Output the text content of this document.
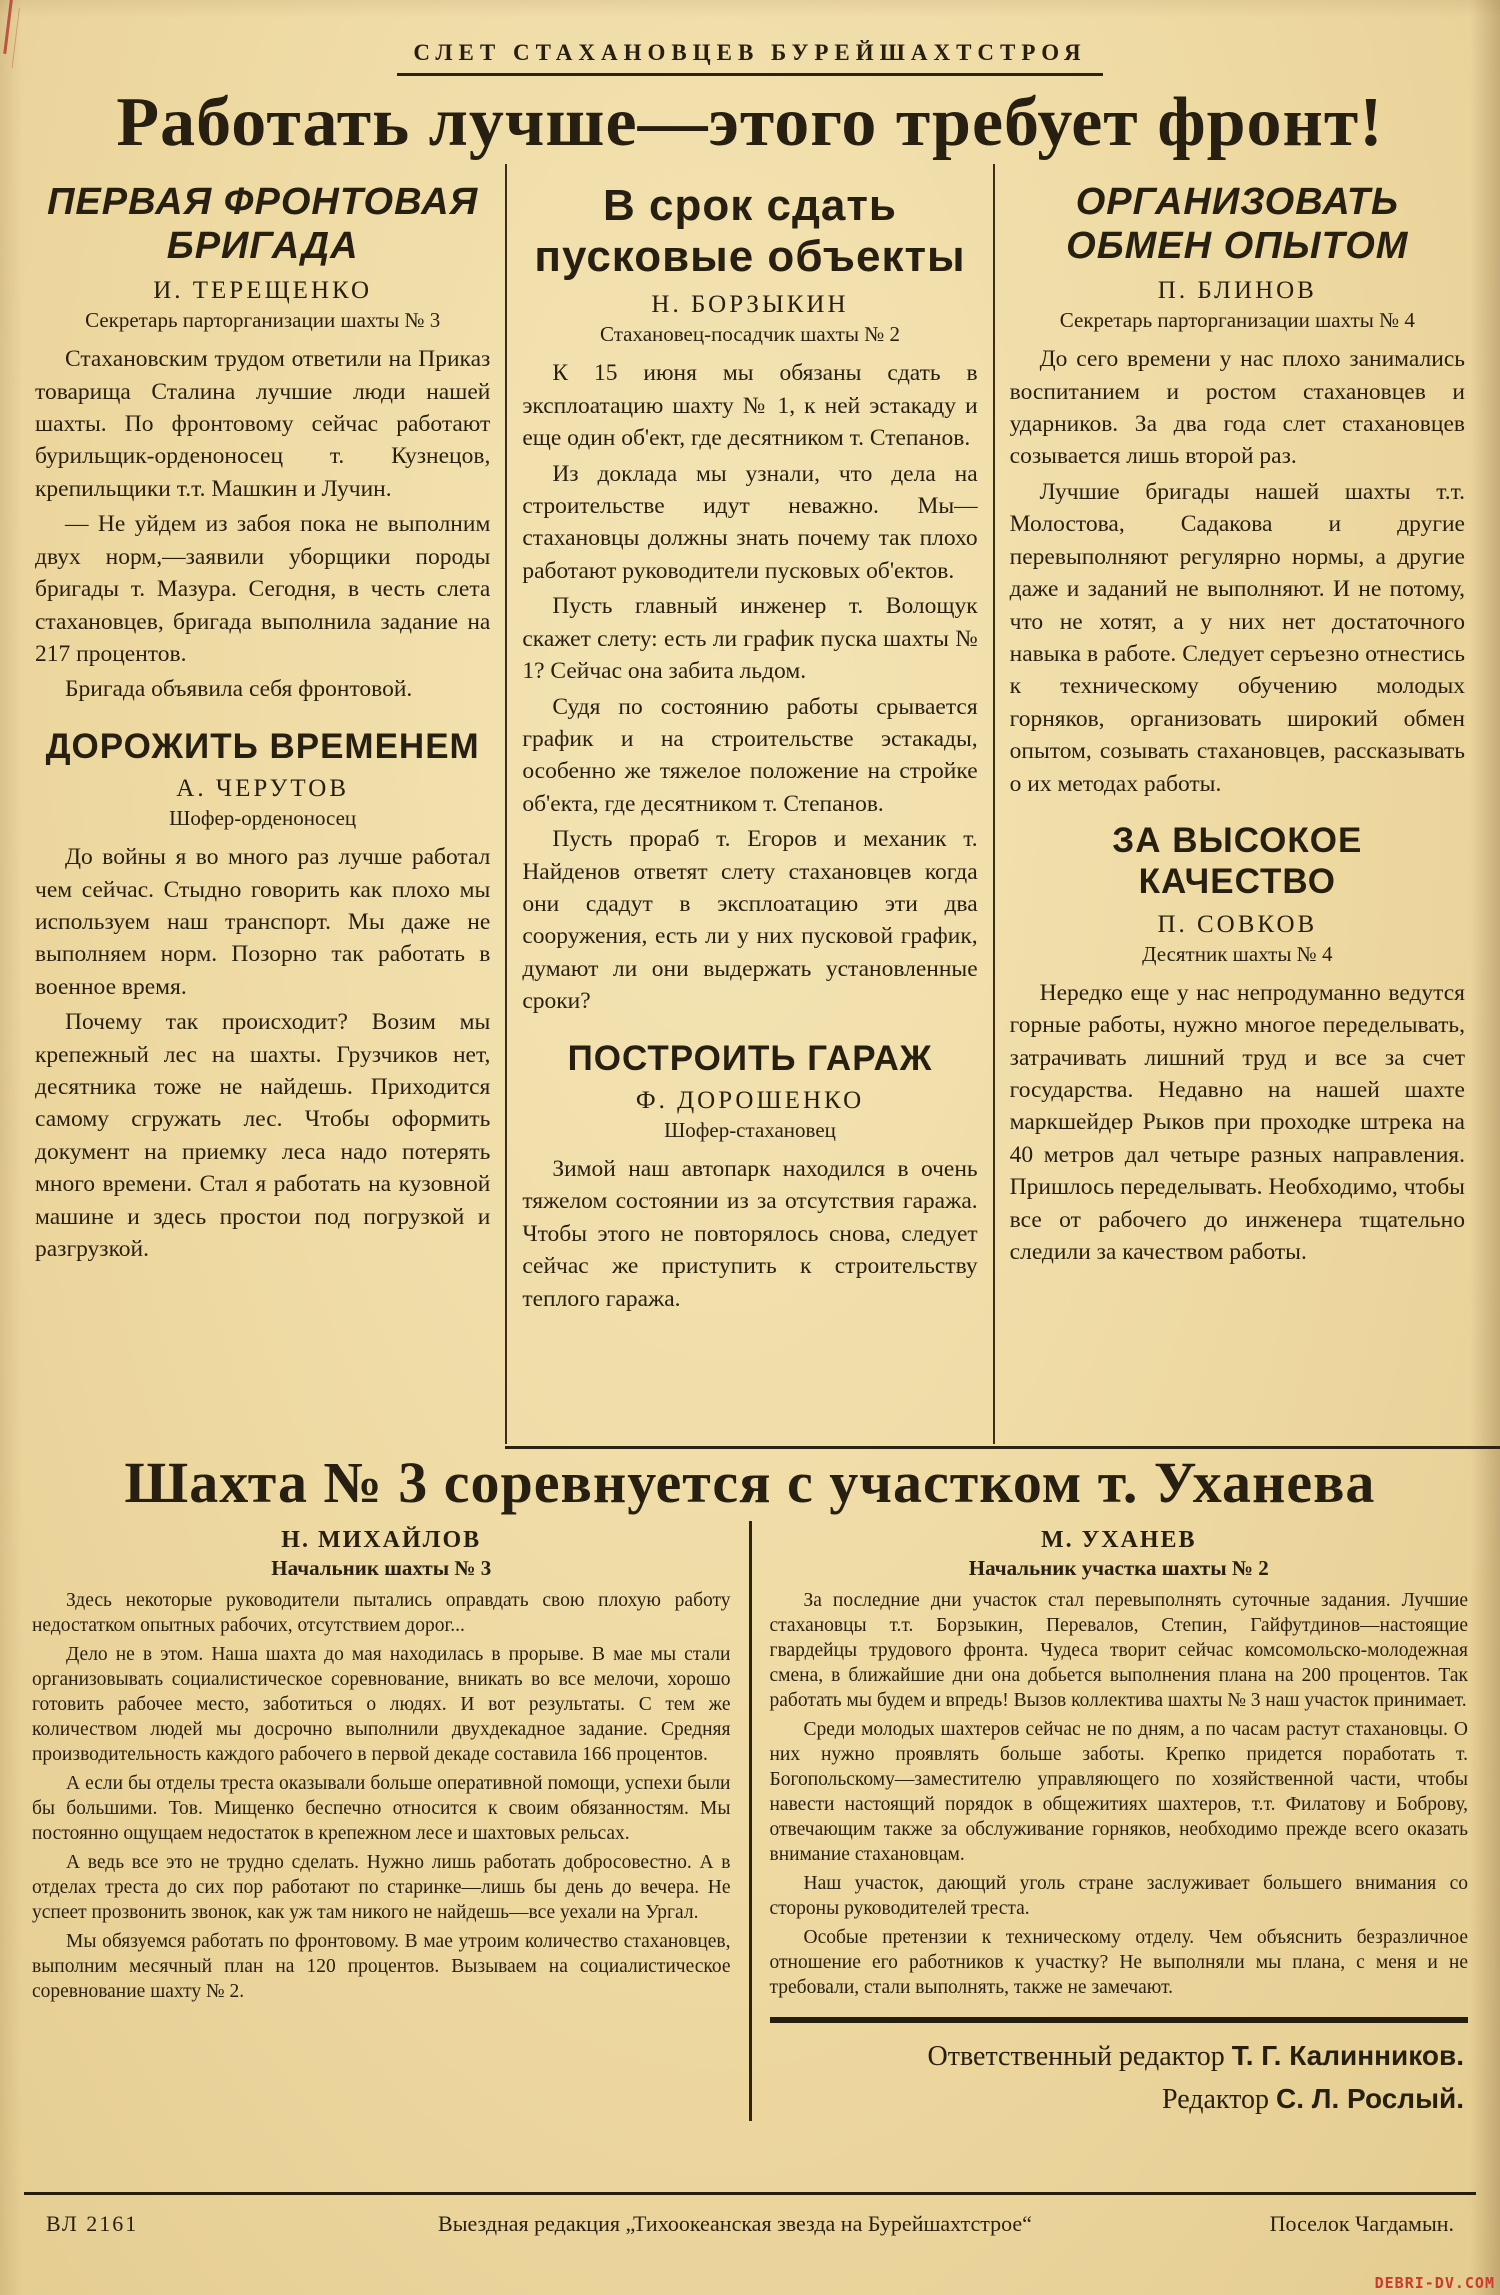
СЛЕТ СТАХАНОВЦЕВ БУРЕЙШАХТСТРОЯ
Работать лучше—этого требует фронт!
ПЕРВАЯ ФРОНТОВАЯ БРИГАДА
И. ТЕРЕЩЕНКО
Секретарь парторганизации шахты № 3

Стахановским трудом ответили на Приказ товарища Сталина лучшие люди нашей шахты. По фронтовому сейчас работают бурильщик-орденоносец т. Кузнецов, крепильщики т.т. Машкин и Лучин.

— Не уйдем из забоя пока не выполним двух норм,—заявили уборщики породы бригады т. Мазура. Сегодня, в честь слета стахановцев, бригада выполнила задание на 217 процентов.

Бригада объявила себя фронтовой.

ДОРОЖИТЬ ВРЕМЕНЕМ
А. ЧЕРУТОВ
Шофер-орденоносец

До войны я во много раз лучше работал чем сейчас. Стыдно говорить как плохо мы используем наш транспорт. Мы даже не выполняем норм. Позорно так работать в военное время.

Почему так происходит? Возим мы крепежный лес на шахты. Грузчиков нет, десятника тоже не найдешь. Приходится самому сгружать лес. Чтобы оформить документ на приемку леса надо потерять много времени. Стал я работать на кузовной машине и здесь простои под погрузкой и разгрузкой.

В срок сдать пусковые объекты
Н. БОРЗЫКИН
Стахановец-посадчик шахты № 2

К 15 июня мы обязаны сдать в эксплоатацию шахту № 1, к ней эстакаду и еще один об'ект, где десятником т. Степанов.

Из доклада мы узнали, что дела на строительстве идут неважно. Мы—стахановцы должны знать почему так плохо работают руководители пусковых об'ектов.

Пусть главный инженер т. Волощук скажет слету: есть ли график пуска шахты № 1? Сейчас она забита льдом.

Судя по состоянию работы срывается график и на строительстве эстакады, особенно же тяжелое положение на стройке об'екта, где десятником т. Степанов.

Пусть прораб т. Егоров и механик т. Найденов ответят слету стахановцев когда они сдадут в эксплоатацию эти два сооружения, есть ли у них пусковой график, думают ли они выдержать установленные сроки?

ПОСТРОИТЬ ГАРАЖ
Ф. ДОРОШЕНКО
Шофер-стахановец

Зимой наш автопарк находился в очень тяжелом состоянии из за отсутствия гаража. Чтобы этого не повторялось снова, следует сейчас же приступить к строительству теплого гаража.

ОРГАНИЗОВАТЬ ОБМЕН ОПЫТОМ
П. БЛИНОВ
Секретарь парторганизации шахты № 4

До сего времени у нас плохо занимались воспитанием и ростом стахановцев и ударников. За два года слет стахановцев созывается лишь второй раз.

Лучшие бригады нашей шахты т.т. Молостова, Садакова и другие перевыполняют регулярно нормы, а другие даже и заданий не выполняют. И не потому, что не хотят, а у них нет достаточного навыка в работе. Следует серъезно отнестись к техническому обучению молодых горняков, организовать широкий обмен опытом, созывать стахановцев, рассказывать о их методах работы.

ЗА ВЫСОКОЕ КАЧЕСТВО
П. СОВКОВ
Десятник шахты № 4

Нередко еще у нас непродуманно ведутся горные работы, нужно многое переделывать, затрачивать лишний труд и все за счет государства. Недавно на нашей шахте маркшейдер Рыков при проходке штрека на 40 метров дал четыре разных направления. Пришлось переделывать. Необходимо, чтобы все от рабочего до инженера тщательно следили за качеством работы.

Шахта № 3 соревнуется с участком т. Уханева
Н. МИХАЙЛОВ
Начальник шахты № 3

Здесь некоторые руководители пытались оправдать свою плохую работу недостатком опытных рабочих, отсутствием дорог...

Дело не в этом. Наша шахта до мая находилась в прорыве. В мае мы стали организовывать социалистическое соревнование, вникать во все мелочи, хорошо готовить рабочее место, заботиться о людях. И вот результаты. С тем же количеством людей мы досрочно выполнили двухдекадное задание. Средняя производительность каждого рабочего в первой декаде составила 166 процентов.

А если бы отделы треста оказывали больше оперативной помощи, успехи были бы большими. Тов. Мищенко беспечно относится к своим обязанностям. Мы постоянно ощущаем недостаток в крепежном лесе и шахтовых рельсах.

А ведь все это не трудно сделать. Нужно лишь работать добросовестно. А в отделах треста до сих пор работают по старинке—лишь бы день до вечера. Не успеет прозвонить звонок, как уж там никого не найдешь—все уехали на Ургал.

Мы обязуемся работать по фронтовому. В мае утроим количество стахановцев, выполним месячный план на 120 процентов. Вызываем на социалистическое соревнование шахту № 2.

М. УХАНЕВ
Начальник участка шахты № 2

За последние дни участок стал перевыполнять суточные задания. Лучшие стахановцы т.т. Борзыкин, Перевалов, Степин, Гайфутдинов—настоящие гвардейцы трудового фронта. Чудеса творит сейчас комсомольско-молодежная смена, в ближайшие дни она добьется выполнения плана на 200 процентов. Так работать мы будем и впредь! Вызов коллектива шахты № 3 наш участок принимает.

Среди молодых шахтеров сейчас не по дням, а по часам растут стахановцы. О них нужно проявлять больше заботы. Крепко придется поработать т. Богопольскому—заместителю управляющего по хозяйственной части, чтобы навести настоящий порядок в общежитиях шахтеров, т.т. Филатову и Боброву, отвечающим также за обслуживание горняков, необходимо прежде всего оказать внимание стахановцам.

Наш участок, дающий уголь стране заслуживает большего внимания со стороны руководителей треста.

Особые претензии к техническому отделу. Чем объяснить безразличное отношение его работников к участку? Не выполняли мы плана, с меня и не требовали, стали выполнять, также не замечают.

Ответственный редактор Т. Г. Калинников.
Редактор С. Л. Рослый.
ВЛ 2161	Выездная редакция „Тихоокеанская звезда на Бурейшахтстрое“	Поселок Чагдамын.
DEBRI-DV.COM
